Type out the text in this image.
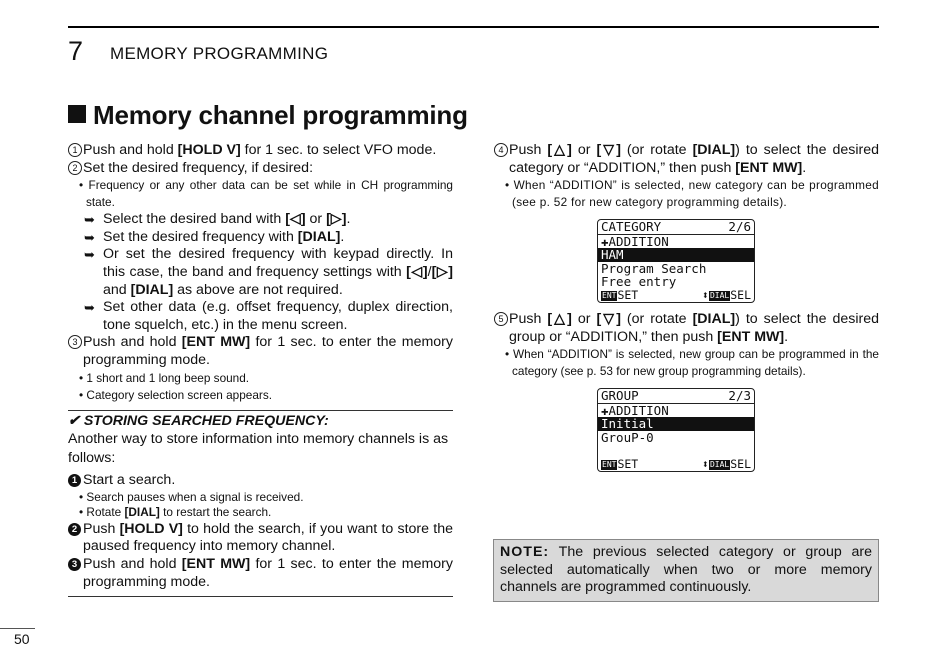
7 MEMORY PROGRAMMING
Memory channel programming
1 Push and hold [HOLD V] for 1 sec. to select VFO mode.
2 Set the desired frequency, if desired:
• Frequency or any other data can be set while in CH programming state.
➥ Select the desired band with [◁] or [▷].
➥ Set the desired frequency with [DIAL].
➥ Or set the desired frequency with keypad directly. In this case, the band and frequency settings with [◁]/[▷] and [DIAL] as above are not required.
➥ Set other data (e.g. offset frequency, duplex direction, tone squelch, etc.) in the menu screen.
3 Push and hold [ENT MW] for 1 sec. to enter the memory programming mode.
• 1 short and 1 long beep sound.
• Category selection screen appears.
✔ STORING SEARCHED FREQUENCY:
Another way to store information into memory channels is as follows:
1 Start a search.
• Search pauses when a signal is received.
• Rotate [DIAL] to restart the search.
2 Push [HOLD V] to hold the search, if you want to store the paused frequency into memory channel.
3 Push and hold [ENT MW] for 1 sec. to enter the memory programming mode.
4 Push [△] or [▽] (or rotate [DIAL]) to select the desired category or “ADDITION,” then push [ENT MW].
• When “ADDITION” is selected, new category can be programmed (see p. 52 for new category programming details).
CATEGORY	2/6
✚ADDITION
HAM
Program Search
Free entry
ENTSET	⬍DIALSEL
5 Push [△] or [▽] (or rotate [DIAL]) to select the desired group or “ADDITION,” then push [ENT MW].
• When “ADDITION” is selected, new group can be programmed in the category (see p. 53 for new group programming details).
GROUP	2/3
✚ADDITION
Initial
GrouP-0

ENTSET	⬍DIALSEL
NOTE: The previous selected category or group are selected automatically when two or more memory channels are programmed continuously.
50
